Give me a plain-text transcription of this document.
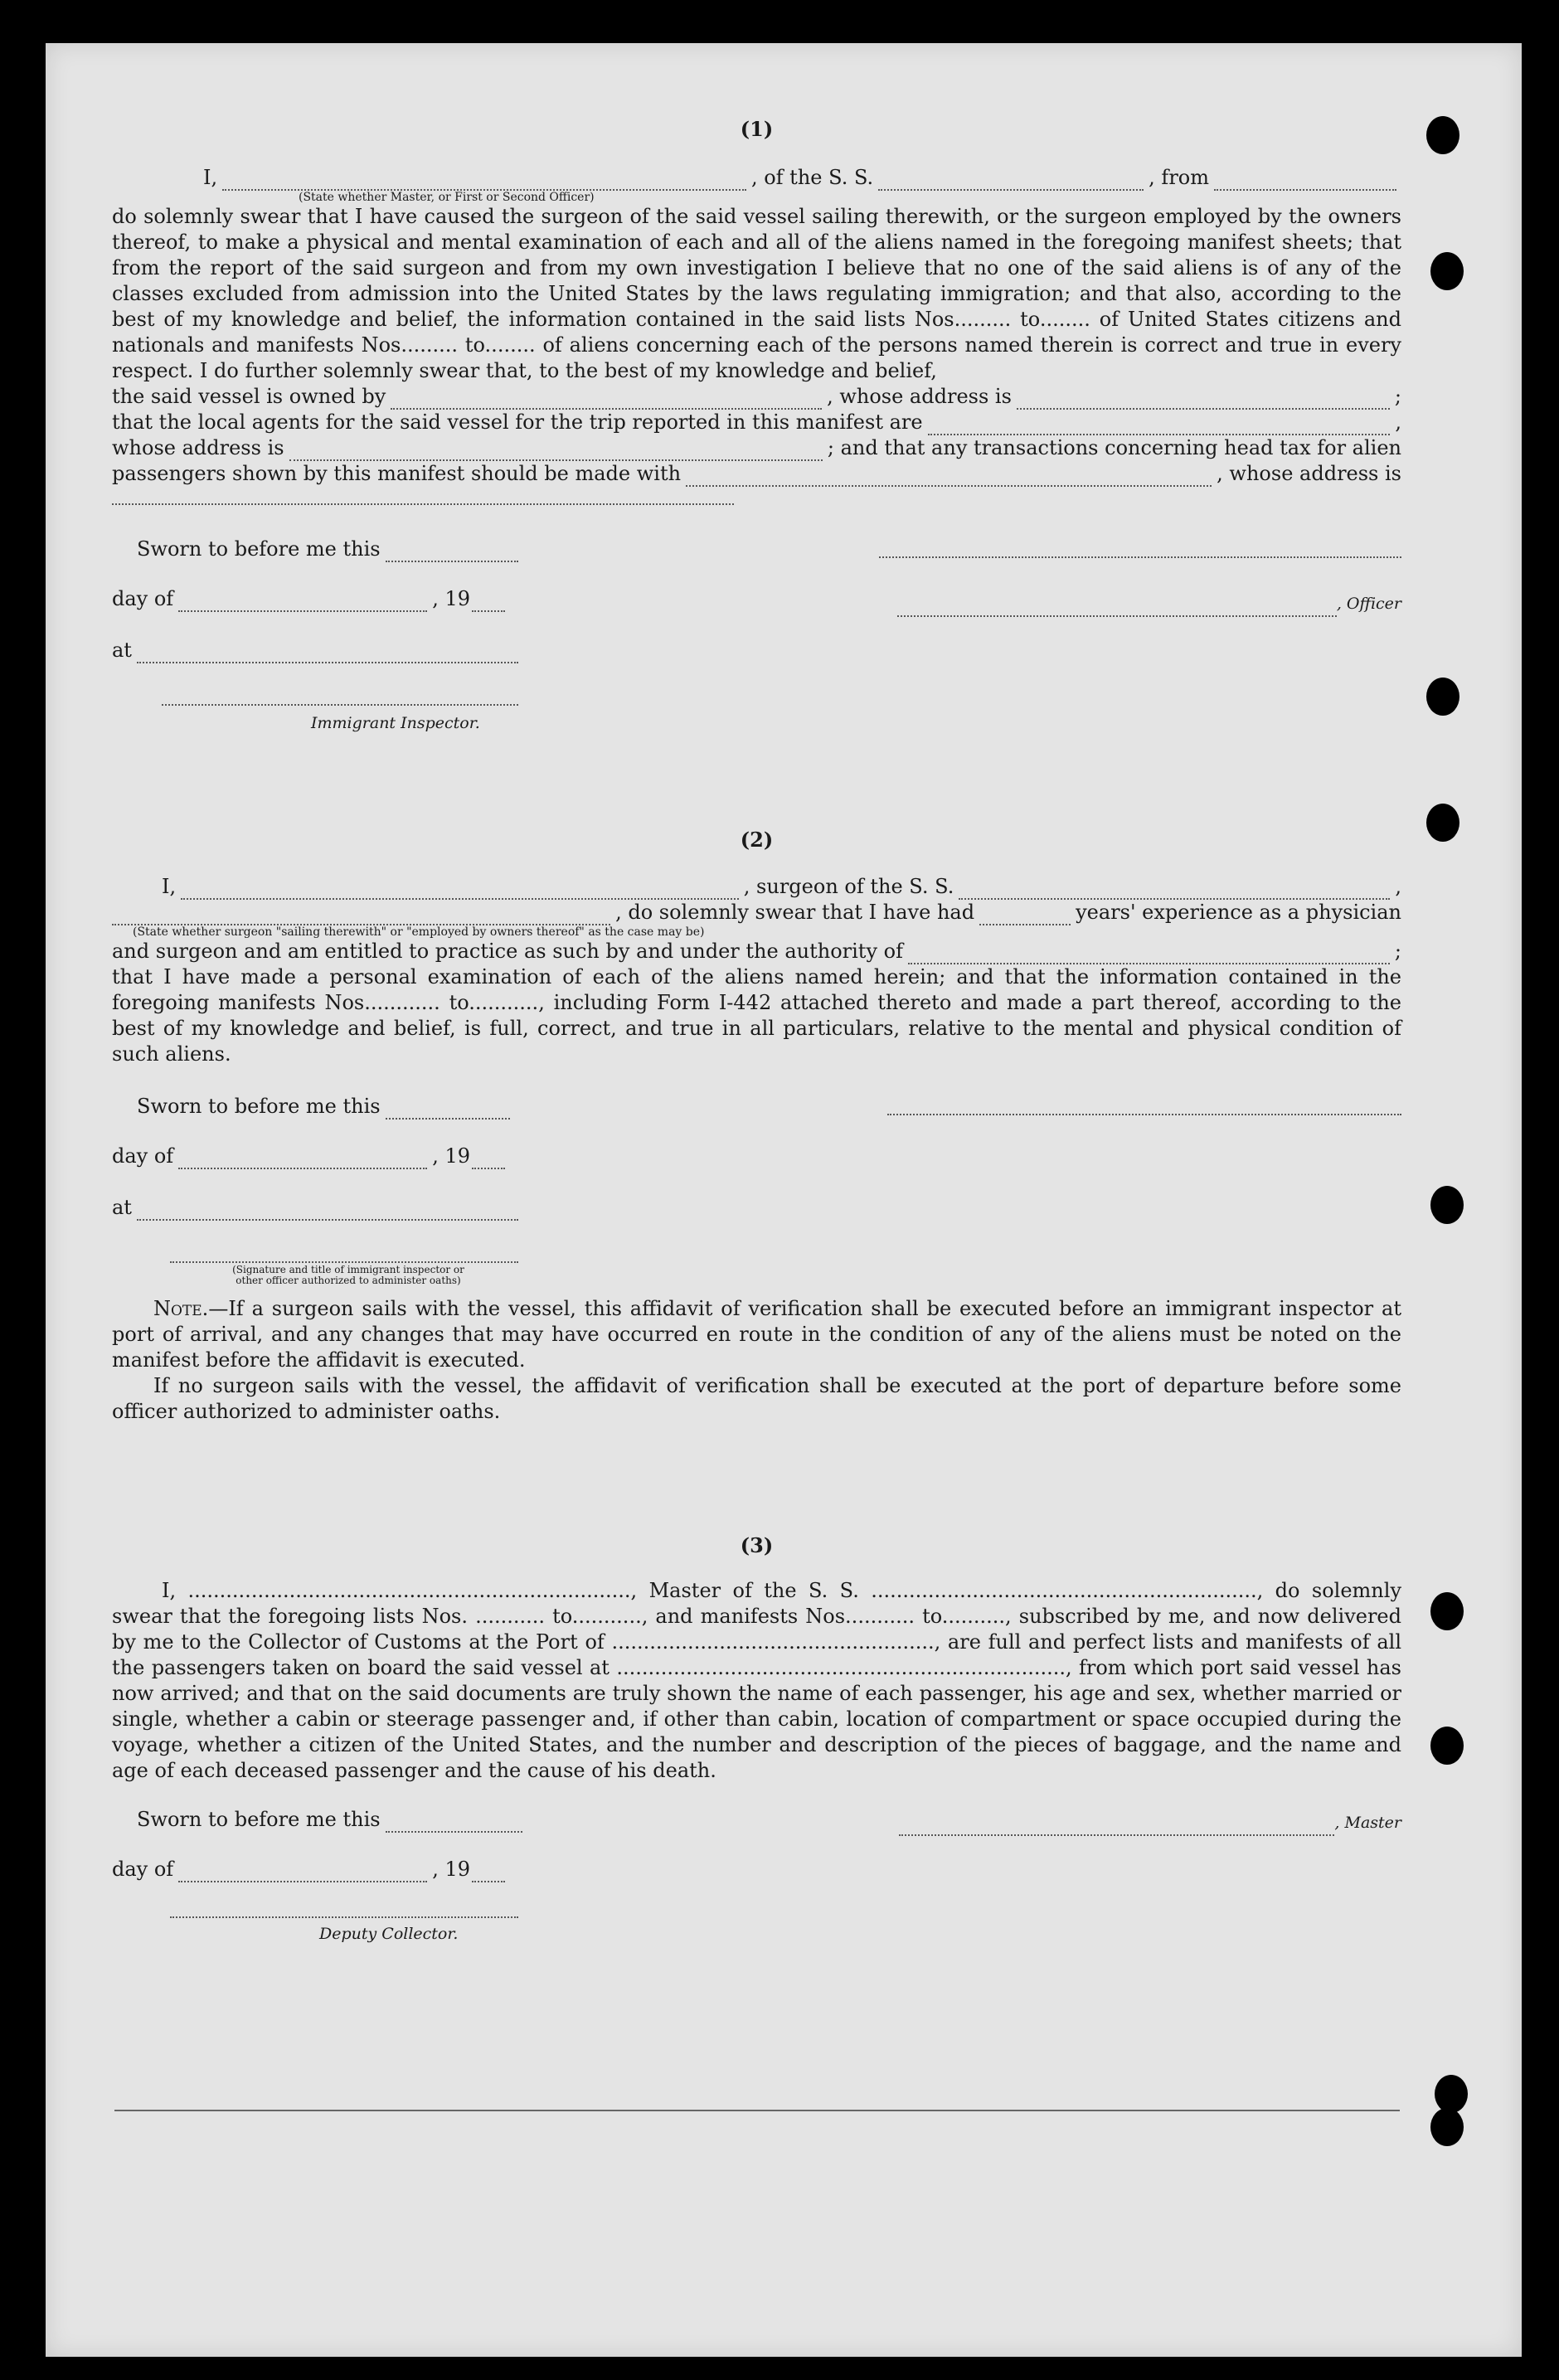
(1)

I,	, of the S. S.	, from
(State whether Master, or First or Second Officer)

do solemnly swear that I have caused the surgeon of the said vessel sailing therewith, or the surgeon employed by the owners thereof, to make a physical and mental examination of each and all of the aliens named in the foregoing manifest sheets; that from the report of the said surgeon and from my own investigation I believe that no one of the said aliens is of any of the classes excluded from admission into the United States by the laws regulating immigration; and that also, according to the best of my knowledge and belief, the information contained in the said lists Nos......... to........ of United States citizens and nationals and manifests Nos......... to........ of aliens concerning each of the persons named therein is correct and true in every respect. I do further solemnly swear that, to the best of my knowledge and belief,

the said vessel is owned by	, whose address is	;
that the local agents for the said vessel for the trip reported in this manifest are	,
whose address is	; and that any transactions concerning head tax for alien
passengers shown by this manifest should be made with	, whose address is
Sworn to before me this
day of	, 19
at
Immigrant Inspector.
, Officer

(2)

I,	, surgeon of the S. S.	,
, do solemnly swear that I have had	years' experience as a physician
(State whether surgeon "sailing therewith" or "employed by owners thereof" as the case may be)
and surgeon and am entitled to practice as such by and under the authority of	;

that I have made a personal examination of each of the aliens named herein; and that the information contained in the foregoing manifests Nos............ to..........., including Form I-442 attached thereto and made a part thereof, according to the best of my knowledge and belief, is full, correct, and true in all particulars, relative to the mental and physical condition of such aliens.

Sworn to before me this
day of	, 19
at
(Signature and title of immigrant inspector or
other officer authorized to administer oaths)

Note.—If a surgeon sails with the vessel, this affidavit of verification shall be executed before an immigrant inspector at port of arrival, and any changes that may have occurred en route in the condition of any of the aliens must be noted on the manifest before the affidavit is executed.

If no surgeon sails with the vessel, the affidavit of verification shall be executed at the port of departure before some officer authorized to administer oaths.

(3)

I, ......................................................................, Master of the S. S. ............................................................., do solemnly swear that the foregoing lists Nos. ........... to..........., and manifests Nos........... to.........., subscribed by me, and now delivered by me to the Collector of Customs at the Port of ..................................................., are full and perfect lists and manifests of all the passengers taken on board the said vessel at ......................................................................., from which port said vessel has now arrived; and that on the said documents are truly shown the name of each passenger, his age and sex, whether married or single, whether a cabin or steerage passenger and, if other than cabin, location of compartment or space occupied during the voyage, whether a citizen of the United States, and the number and description of the pieces of baggage, and the name and age of each deceased passenger and the cause of his death.

Sworn to before me this	, Master
day of	, 19
Deputy Collector.
